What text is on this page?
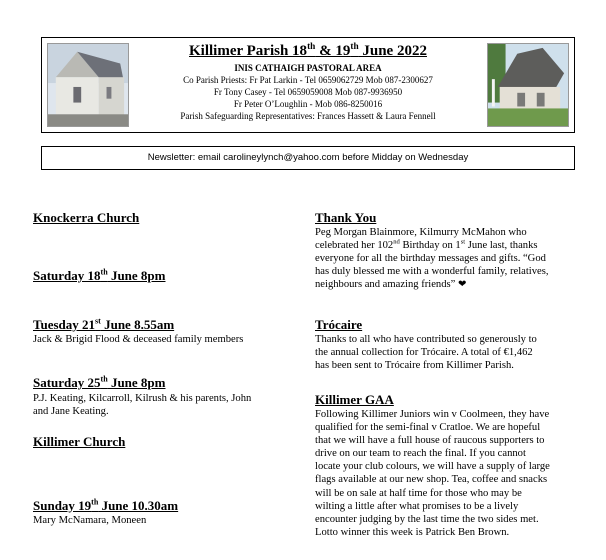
Killimer Parish 18th & 19th June 2022
INIS CATHAIGH PASTORAL AREA
Co Parish Priests: Fr Pat Larkin - Tel 0659062729 Mob 087-2300627
Fr Tony Casey - Tel 0659059008 Mob 087-9936950
Fr Peter O’Loughlin - Mob 086-8250016
Parish Safeguarding Representatives: Frances Hassett & Laura Fennell
Newsletter: email carolineylynch@yahoo.com before Midday on Wednesday
Knockerra Church
Saturday 18th June 8pm
Tuesday 21st June 8.55am
Jack & Brigid Flood & deceased family members
Saturday 25th June 8pm
P.J. Keating, Kilcarroll, Kilrush & his parents, John
and Jane Keating.
Killimer Church
Sunday 19th June 10.30am
Mary McNamara, Moneen
Thank You
Peg Morgan Blainmore, Kilmurry McMahon who
celebrated her 102nd Birthday on 1st June last, thanks
everyone for all the birthday messages and gifts. “God
has duly blessed me with a wonderful family, relatives,
neighbours and amazing friends” ❤
Trócaire
Thanks to all who have contributed so generously to
the annual collection for Trócaire. A total of €1,462
has been sent to Trócaire from Killimer Parish.
Killimer GAA
Following Killimer Juniors win v Coolmeen, they have
qualified for the semi-final v Cratloe. We are hopeful
that we will have a full house of raucous supporters to
drive on our team to reach the final. If you cannot
locate your club colours, we will have a supply of large
flags available at our new shop. Tea, coffee and snacks
will be on sale at half time for those who may be
wilting a little after what promises to be a lively
encounter judging by the last time the two sides met.
Lotto winner this week is Patrick Ben Brown.
